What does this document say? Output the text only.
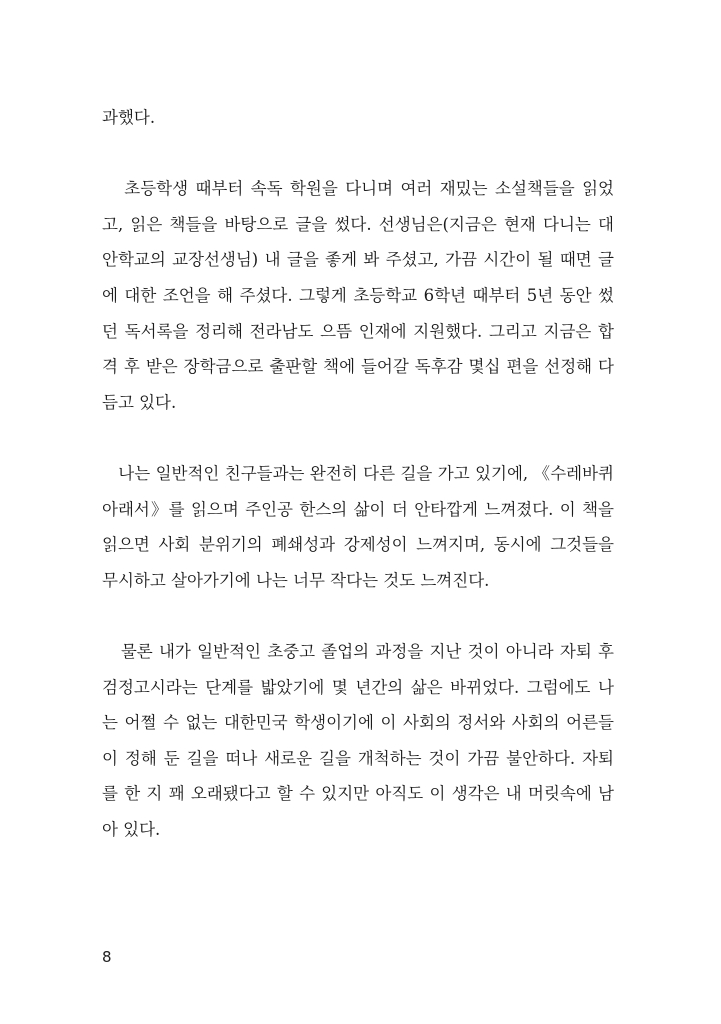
과했다.
초등학생 때부터 속독 학원을 다니며 여러 재밌는 소설책들을 읽었
고, 읽은 책들을 바탕으로 글을 썼다. 선생님은(지금은 현재 다니는 대
안학교의 교장선생님) 내 글을 좋게 봐 주셨고, 가끔 시간이 될 때면 글
에 대한 조언을 해 주셨다. 그렇게 초등학교 6학년 때부터 5년 동안 썼
던 독서록을 정리해 전라남도 으뜸 인재에 지원했다. 그리고 지금은 합
격 후 받은 장학금으로 출판할 책에 들어갈 독후감 몇십 편을 선정해 다
듬고 있다.
나는 일반적인 친구들과는 완전히 다른 길을 가고 있기에, 《수레바퀴
아래서》를 읽으며 주인공 한스의 삶이 더 안타깝게 느껴졌다. 이 책을
읽으면 사회 분위기의 폐쇄성과 강제성이 느껴지며, 동시에 그것들을
무시하고 살아가기에 나는 너무 작다는 것도 느껴진다.
물론 내가 일반적인 초중고 졸업의 과정을 지난 것이 아니라 자퇴 후
검정고시라는 단계를 밟았기에 몇 년간의 삶은 바뀌었다. 그럼에도 나
는 어쩔 수 없는 대한민국 학생이기에 이 사회의 정서와 사회의 어른들
이 정해 둔 길을 떠나 새로운 길을 개척하는 것이 가끔 불안하다. 자퇴
를 한 지 꽤 오래됐다고 할 수 있지만 아직도 이 생각은 내 머릿속에 남
아 있다.
8
